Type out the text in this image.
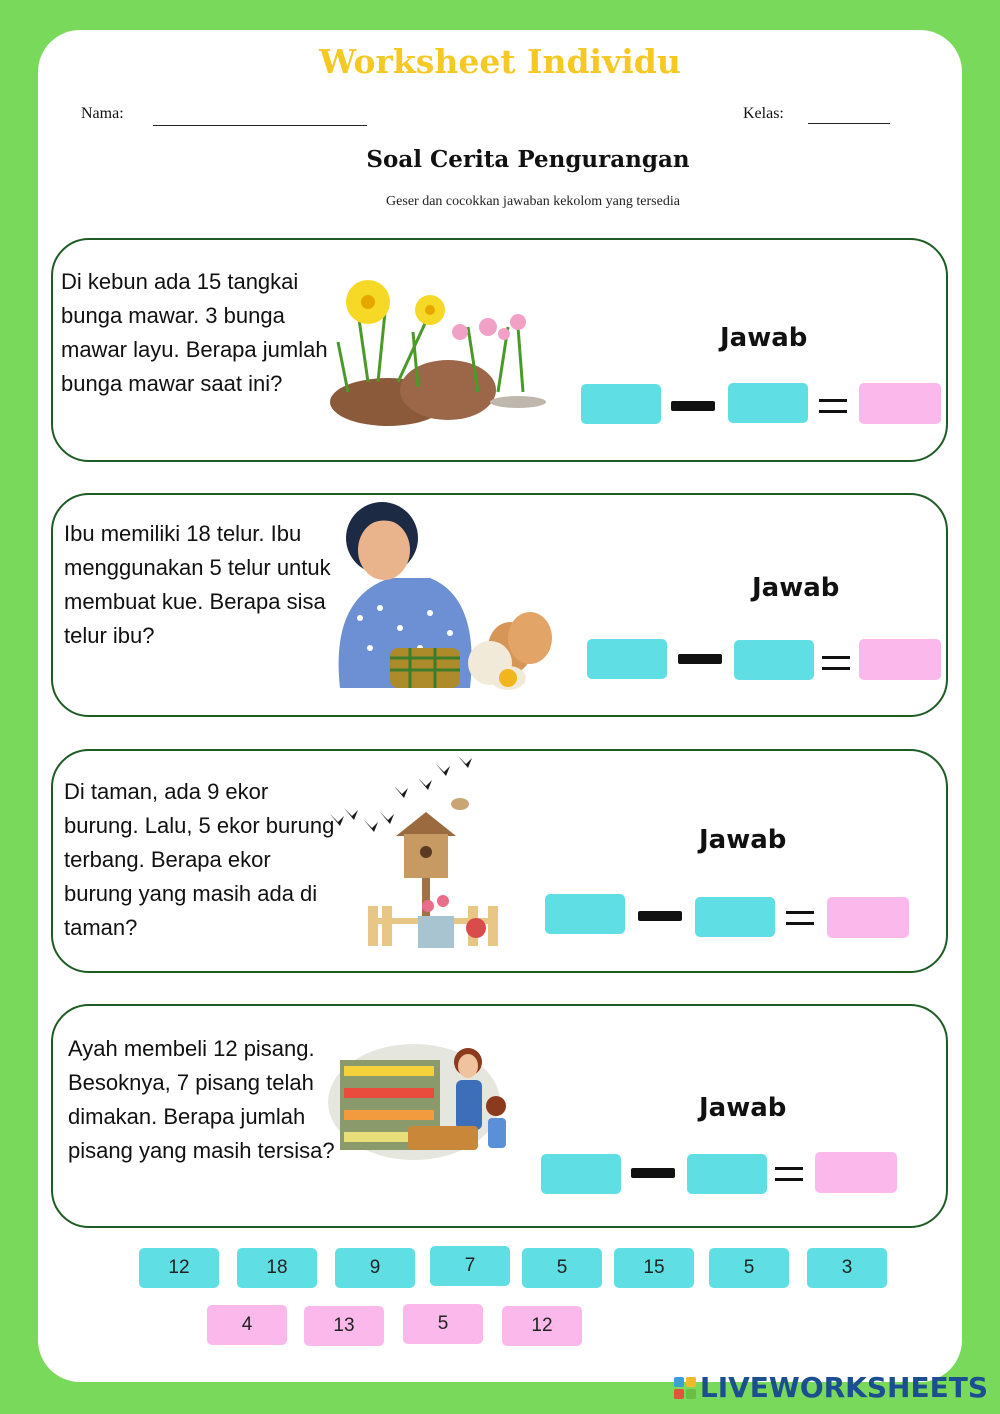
Worksheet Individu
Nama:	Kelas:
Soal Cerita Pengurangan
Geser dan cocokkan jawaban kekolom yang tersedia
Di kebun ada 15 tangkai bunga mawar. 3 bunga mawar layu. Berapa jumlah bunga mawar saat ini?
Jawab
Ibu memiliki 18 telur. Ibu menggunakan 5 telur untuk membuat kue. Berapa sisa telur ibu?
Jawab
Di taman, ada 9 ekor burung. Lalu, 5 ekor burung terbang. Berapa ekor burung yang masih ada di taman?
Jawab
Ayah membeli 12 pisang. Besoknya, 7 pisang telah dimakan. Berapa jumlah pisang yang masih tersisa?
Jawab
12	18	9	7	5	15	5	3
4	13	5	12
LIVEWORKSHEETS
